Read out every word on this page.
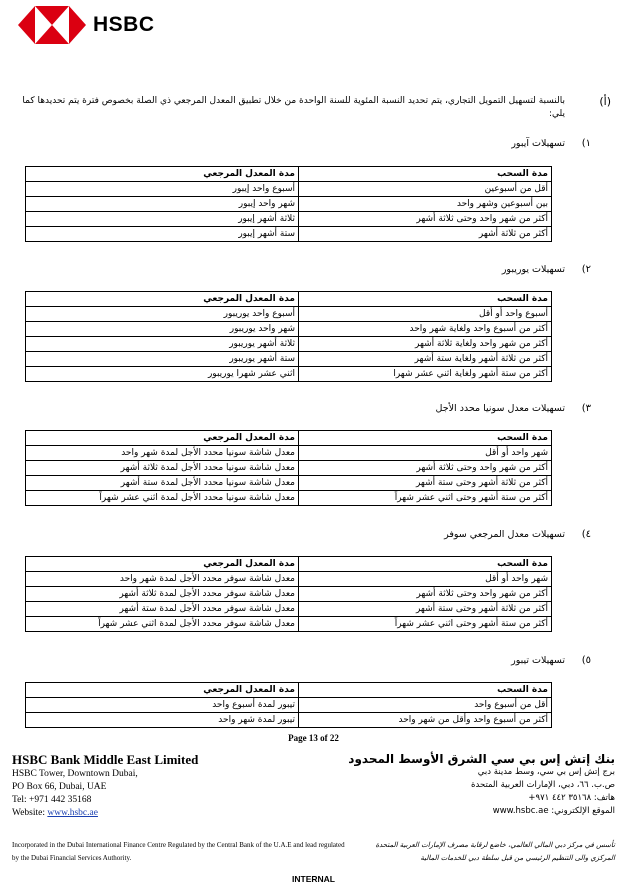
HSBC
(أ)
بالنسبة لتسهيل التمويل التجاري، يتم تحديد النسبة المئوية للسنة الواحدة من خلال تطبيق المعدل المرجعي ذي الصلة بخصوص فترة يتم تحديدها كما يلي:
١)
تسهيلات آيبور
مدة السحب	مدة المعدل المرجعي
أقل من أسبوعين	أسبوع واحد إيبور
بين أسبوعين وشهر واحد	شهر واحد إيبور
أكثر من شهر واحد وحتى ثلاثة أشهر	ثلاثة أشهر إيبور
أكثر من ثلاثة أشهر	ستة أشهر إيبور
٢)
تسهيلات يوريبور
مدة السحب	مدة المعدل المرجعي
أسبوع واحد أو أقل	أسبوع واحد يوريبور
أكثر من أسبوع واحد ولغاية شهر واحد	شهر واحد يوريبور
أكثر من شهر واحد ولغاية ثلاثة أشهر	ثلاثة أشهر يوريبور
أكثر من ثلاثة أشهر ولغاية ستة أشهر	ستة أشهر يوريبور
أكثر من ستة أشهر ولغاية اثني عشر شهرا	اثني عشر شهرا يوريبور
٣)
تسهيلات معدل سونيا محدد الأجل
مدة السحب	مدة المعدل المرجعي
شهر واحد أو أقل	معدل شاشة سونيا محدد الأجل لمدة شهر واحد
أكثر من شهر واحد وحتى ثلاثة أشهر	معدل شاشة سونيا محدد الأجل لمدة ثلاثة أشهر
أكثر من ثلاثة أشهر وحتى ستة أشهر	معدل شاشة سونيا محدد الأجل لمدة ستة أشهر
أكثر من ستة أشهر وحتى اثني عشر شهراً	معدل شاشة سونيا محدد الأجل لمدة اثني عشر شهراً
٤)
تسهيلات معدل المرجعي سوفر
مدة السحب	مدة المعدل المرجعي
شهر واحد أو أقل	معدل شاشة سوفر محدد الأجل لمدة شهر واحد
أكثر من شهر واحد وحتى ثلاثة أشهر	معدل شاشة سوفر محدد الأجل لمدة ثلاثة أشهر
أكثر من ثلاثة أشهر وحتى ستة أشهر	معدل شاشة سوفر محدد الأجل لمدة ستة أشهر
أكثر من ستة أشهر وحتى اثني عشر شهراً	معدل شاشة سوفر محدد الأجل لمدة اثني عشر شهراً
٥)
تسهيلات تيبور
مدة السحب	مدة المعدل المرجعي
أقل من أسبوع واحد	تيبور لمدة أسبوع واحد
أكثر من أسبوع واحد وأقل من شهر واحد	تيبور لمدة شهر واحد
Page 13 of 22
HSBC Bank Middle East Limited
HSBC Tower, Downtown Dubai,
PO Box 66, Dubai, UAE
Tel: +971 442 35168
Website: www.hsbc.ae
بنك إتش إس بي سي الشرق الأوسط المحدود
برج إتش إس بي سي، وسط مدينة دبي
ص.ب. ٦٦، دبي، الإمارات العربية المتحدة
هاتف: ٣٥١٦٨ ٤٤٢ ٩٧١+
الموقع الإلكتروني: www.hsbc.ae
Incorporated in the Dubai International Finance Centre Regulated by the Central Bank of the U.A.E and lead regulated by the Dubai Financial Services Authority.
تأسس في مركز دبي المالي العالمي، خاضع لرقابة مصرف الإمارات العربية المتحدة المركزي والى التنظيم الرئيسي من قبل سلطة دبي للخدمات المالية
INTERNAL
